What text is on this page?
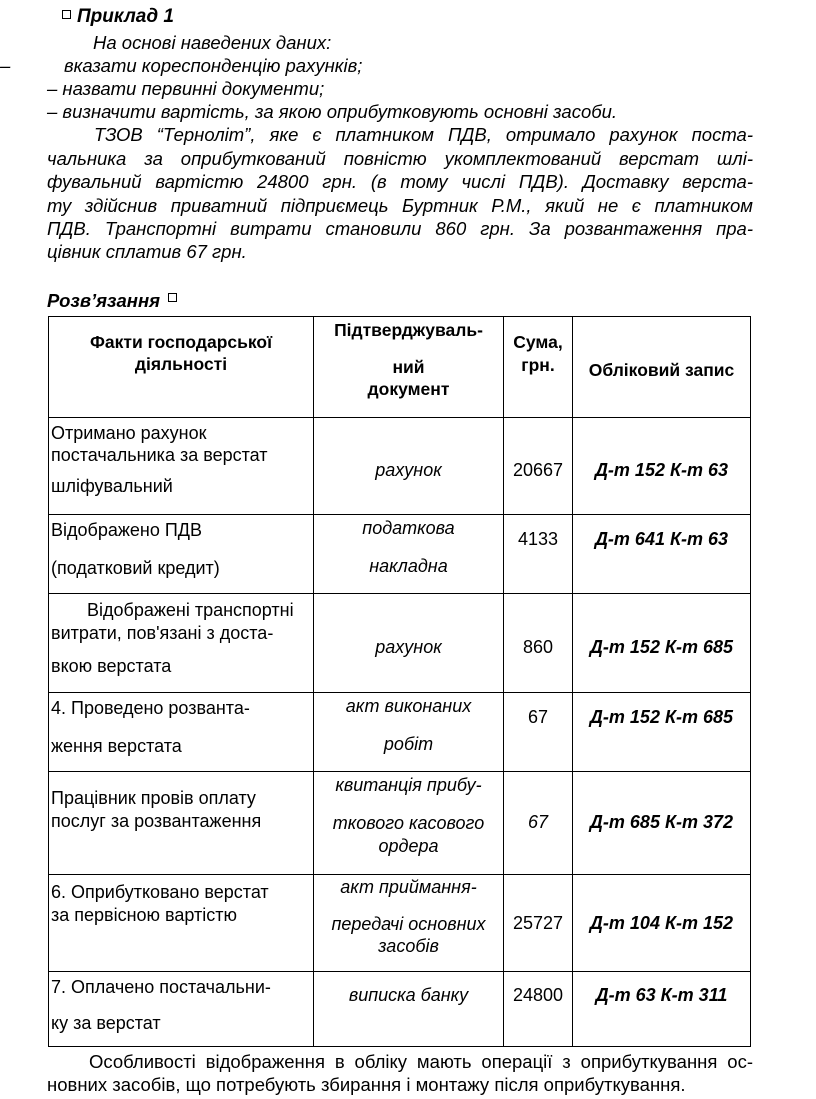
Приклад 1
На основі наведених даних:
–	вказати кореспонденцію рахунків;
– назвати первинні документи;
– визначити вартість, за якою оприбутковують основні засоби.
ТЗОВ “Тернолiт”, яке є платником ПДВ, отримало рахунок поста-
чальника за оприбуткований повністю укомплектований верстат шлі-
фувальний вартістю 24800 грн. (в тому числі ПДВ). Доставку верста-
ту здійснив приватний підприємець Буртник Р.М., який не є платником
ПДВ. Транспортні витрати становили 860 грн. За розвантаження пра-
цівник сплатив 67 грн.
Розв’язання
Факти господарської діяльності	Підтверджуваль-
ний
документ	Сума, грн.	Обліковий запис

Отримано рахунок постачальника за верстат
шліфувальний	рахунок	20667	Д-т 152 К-т 63

Відображено ПДВ
(податковий кредит)	податкова
накладна	4133	Д-т 641 К-т 63

Відображені транспортні
витрати, пов'язані з доста-
вкою верстата	рахунок	860	Д-т 152 К-т 685

4. Проведено розванта-
ження верстата	акт виконаних
робіт	67	Д-т 152 К-т 685

Працівник провів оплату
послуг за розвантаження	квитанція прибу-
ткового касового
ордера	67	Д-т 685 К-т 372

6. Оприбутковано верстат
за первісною вартістю	акт приймання-
передачі основних
засобів	25727	Д-т 104 К-т 152

7. Оплачено постачальни-
ку за верстат	виписка банку	24800	Д-т 63 К-т 311
Особливості відображення в обліку мають операції з оприбуткування ос-
новних засобів, що потребують збирання і монтажу після оприбуткування.
